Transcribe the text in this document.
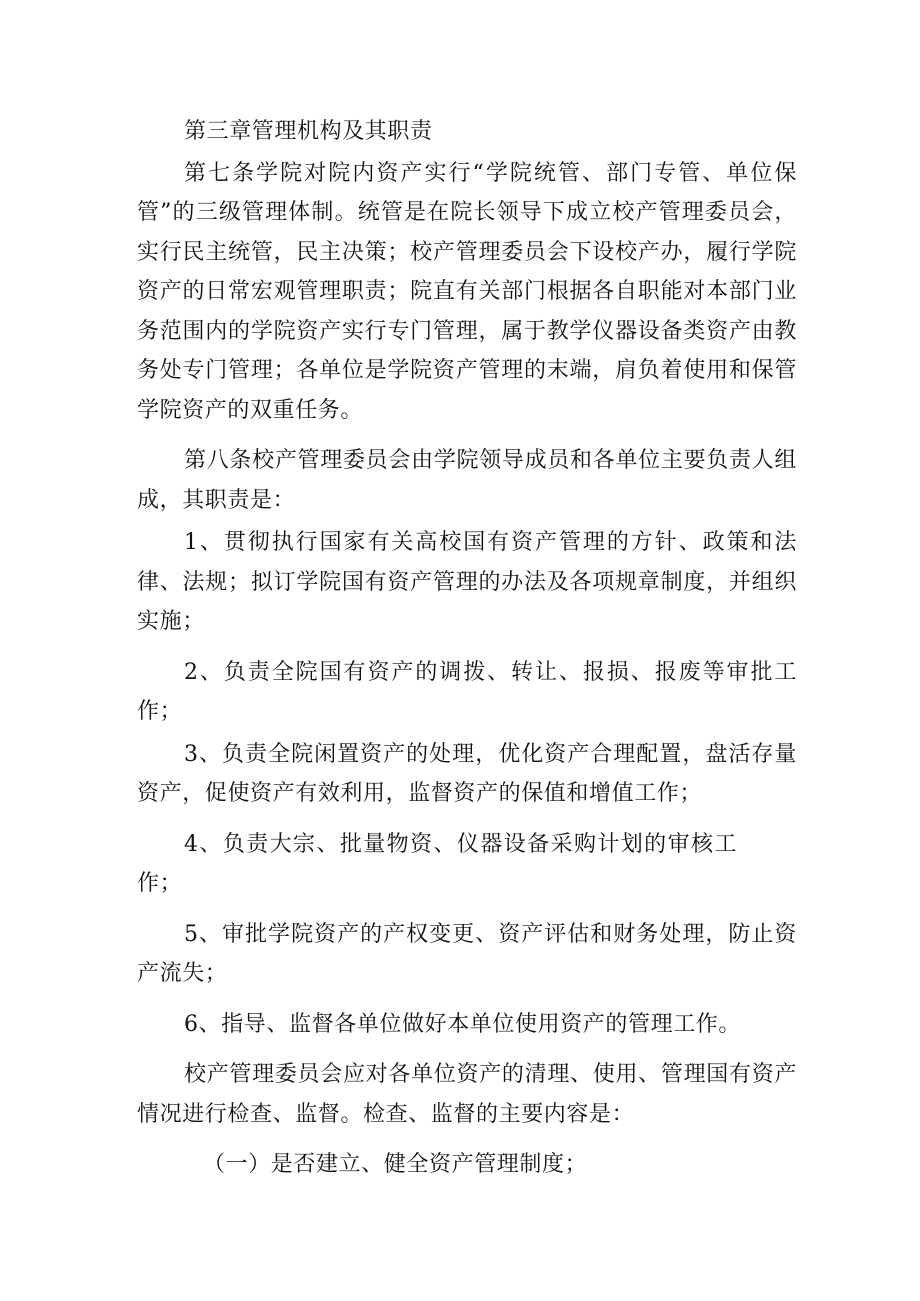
第三章管理机构及其职责

第七条学院对院内资产实行“学院统管、部门专管、单位保管”的三级管理体制。统管是在院长领导下成立校产管理委员会，实行民主统管，民主决策；校产管理委员会下设校产办，履行学院资产的日常宏观管理职责；院直有关部门根据各自职能对本部门业务范围内的学院资产实行专门管理，属于教学仪器设备类资产由教务处专门管理；各单位是学院资产管理的末端，肩负着使用和保管学院资产的双重任务。

第八条校产管理委员会由学院领导成员和各单位主要负责人组成，其职责是：

1、贯彻执行国家有关高校国有资产管理的方针、政策和法律、法规；拟订学院国有资产管理的办法及各项规章制度，并组织实施；

2、负责全院国有资产的调拨、转让、报损、报废等审批工作；

3、负责全院闲置资产的处理，优化资产合理配置，盘活存量资产，促使资产有效利用，监督资产的保值和增值工作；

4、负责大宗、批量物资、仪器设备采购计划的审核工作；

5、审批学院资产的产权变更、资产评估和财务处理，防止资产流失；

6、指导、监督各单位做好本单位使用资产的管理工作。

校产管理委员会应对各单位资产的清理、使用、管理国有资产情况进行检查、监督。检查、监督的主要内容是：

（一）是否建立、健全资产管理制度；
